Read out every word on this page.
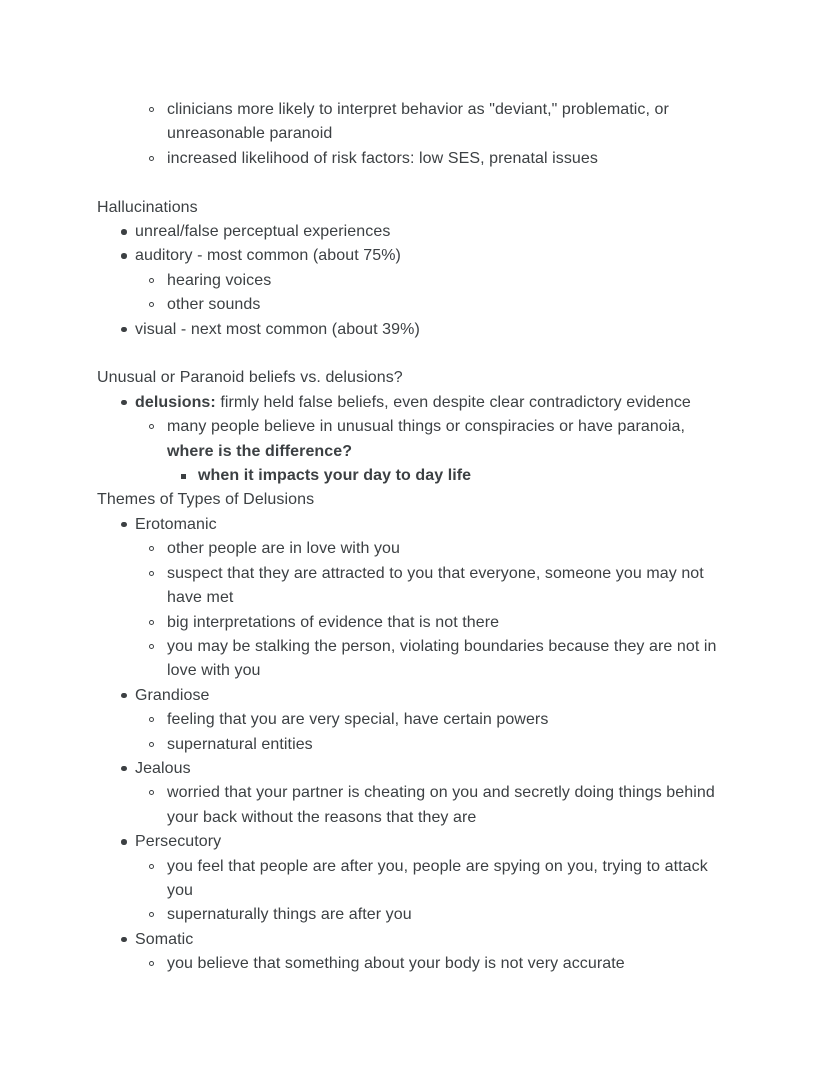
clinicians more likely to interpret behavior as "deviant," problematic, or unreasonable paranoid
increased likelihood of risk factors: low SES, prenatal issues
Hallucinations
unreal/false perceptual experiences
auditory - most common (about 75%)
hearing voices
other sounds
visual - next most common (about 39%)
Unusual or Paranoid beliefs vs. delusions?
delusions: firmly held false beliefs, even despite clear contradictory evidence
many people believe in unusual things or conspiracies or have paranoia,
where is the difference?
when it impacts your day to day life
Themes of Types of Delusions
Erotomanic
other people are in love with you
suspect that they are attracted to you that everyone, someone you may not have met
big interpretations of evidence that is not there
you may be stalking the person, violating boundaries because they are not in love with you
Grandiose
feeling that you are very special, have certain powers
supernatural entities
Jealous
worried that your partner is cheating on you and secretly doing things behind your back without the reasons that they are
Persecutory
you feel that people are after you, people are spying on you, trying to attack you
supernaturally things are after you
Somatic
you believe that something about your body is not very accurate
